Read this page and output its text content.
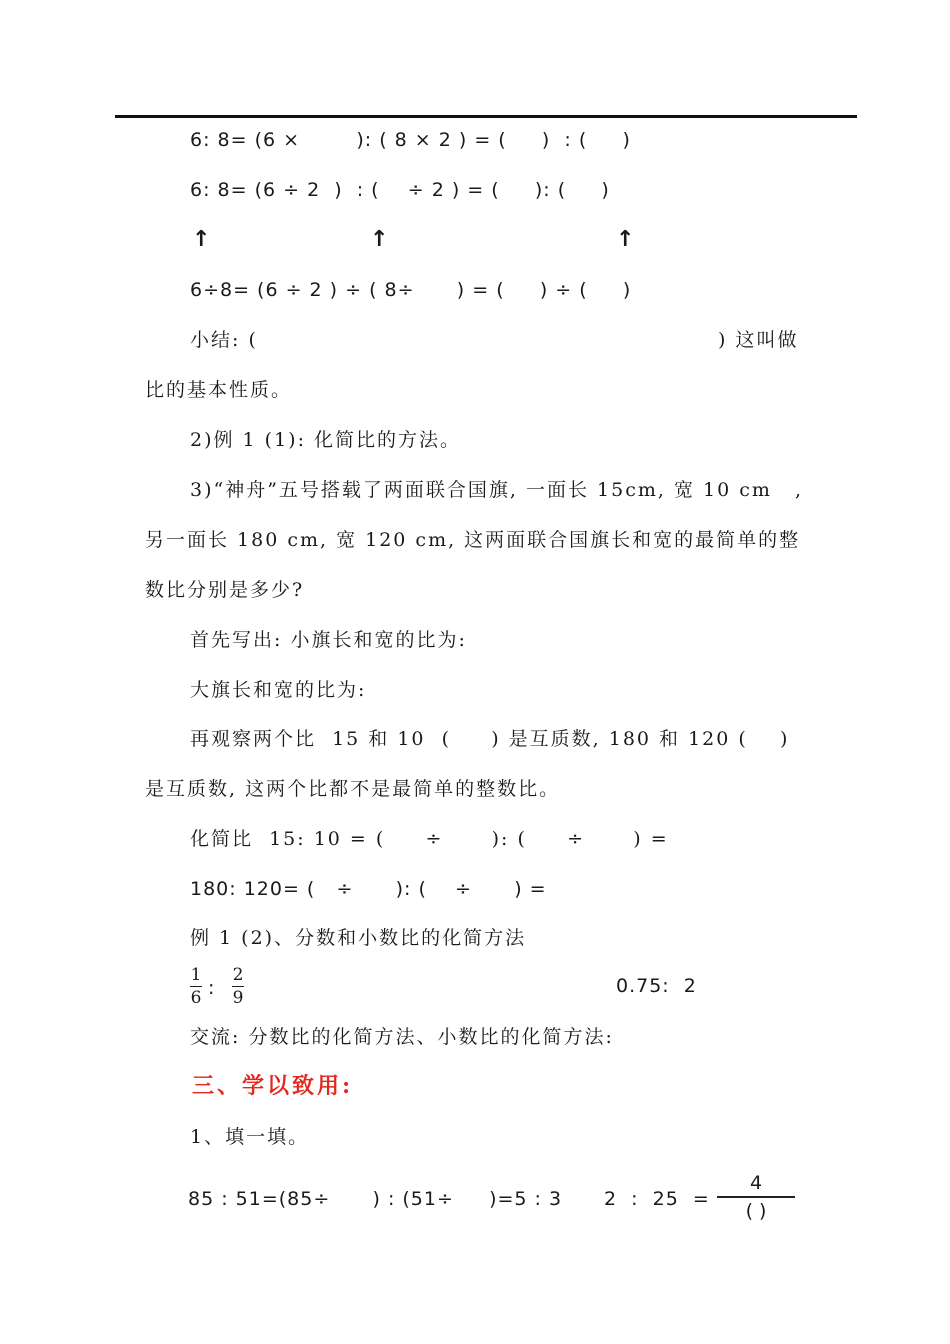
6: 8= (6 ×        ): ( 8 × 2 ) = (     )  : (     )
6: 8= (6 ÷ 2  )  : (    ÷ 2 ) = (     ): (     )
↑	↑	↑
6÷8= (6 ÷ 2 ) ÷ ( 8÷      ) = (     ) ÷ (     )
小结: (	) 这叫做
比的基本性质。
2)例 1 (1): 化简比的方法。
3)“神舟”五号搭载了两面联合国旗, 一面长 15cm, 宽 10 cm ,
另一面长 180 cm, 宽 120 cm, 这两面联合国旗长和宽的最简单的整
数比分别是多少?
首先写出: 小旗长和宽的比为:
大旗长和宽的比为:
再观察两个比  15 和 10  (     ) 是互质数, 180 和 120 (    )
是互质数, 这两个比都不是最简单的整数比。
化简比  15: 10 = (     ÷      ): (     ÷      ) =
180: 120= (   ÷      ): (    ÷      ) =
例 1 (2)、分数和小数比的化简方法
1
6 :
2
9
0.75:  2
交流: 分数比的化简方法、小数比的化简方法:
三、学以致用:
1、填一填。
85 : 51=(85÷      ) : (51÷     )=5 : 3 2  :  25  =
4
( )
